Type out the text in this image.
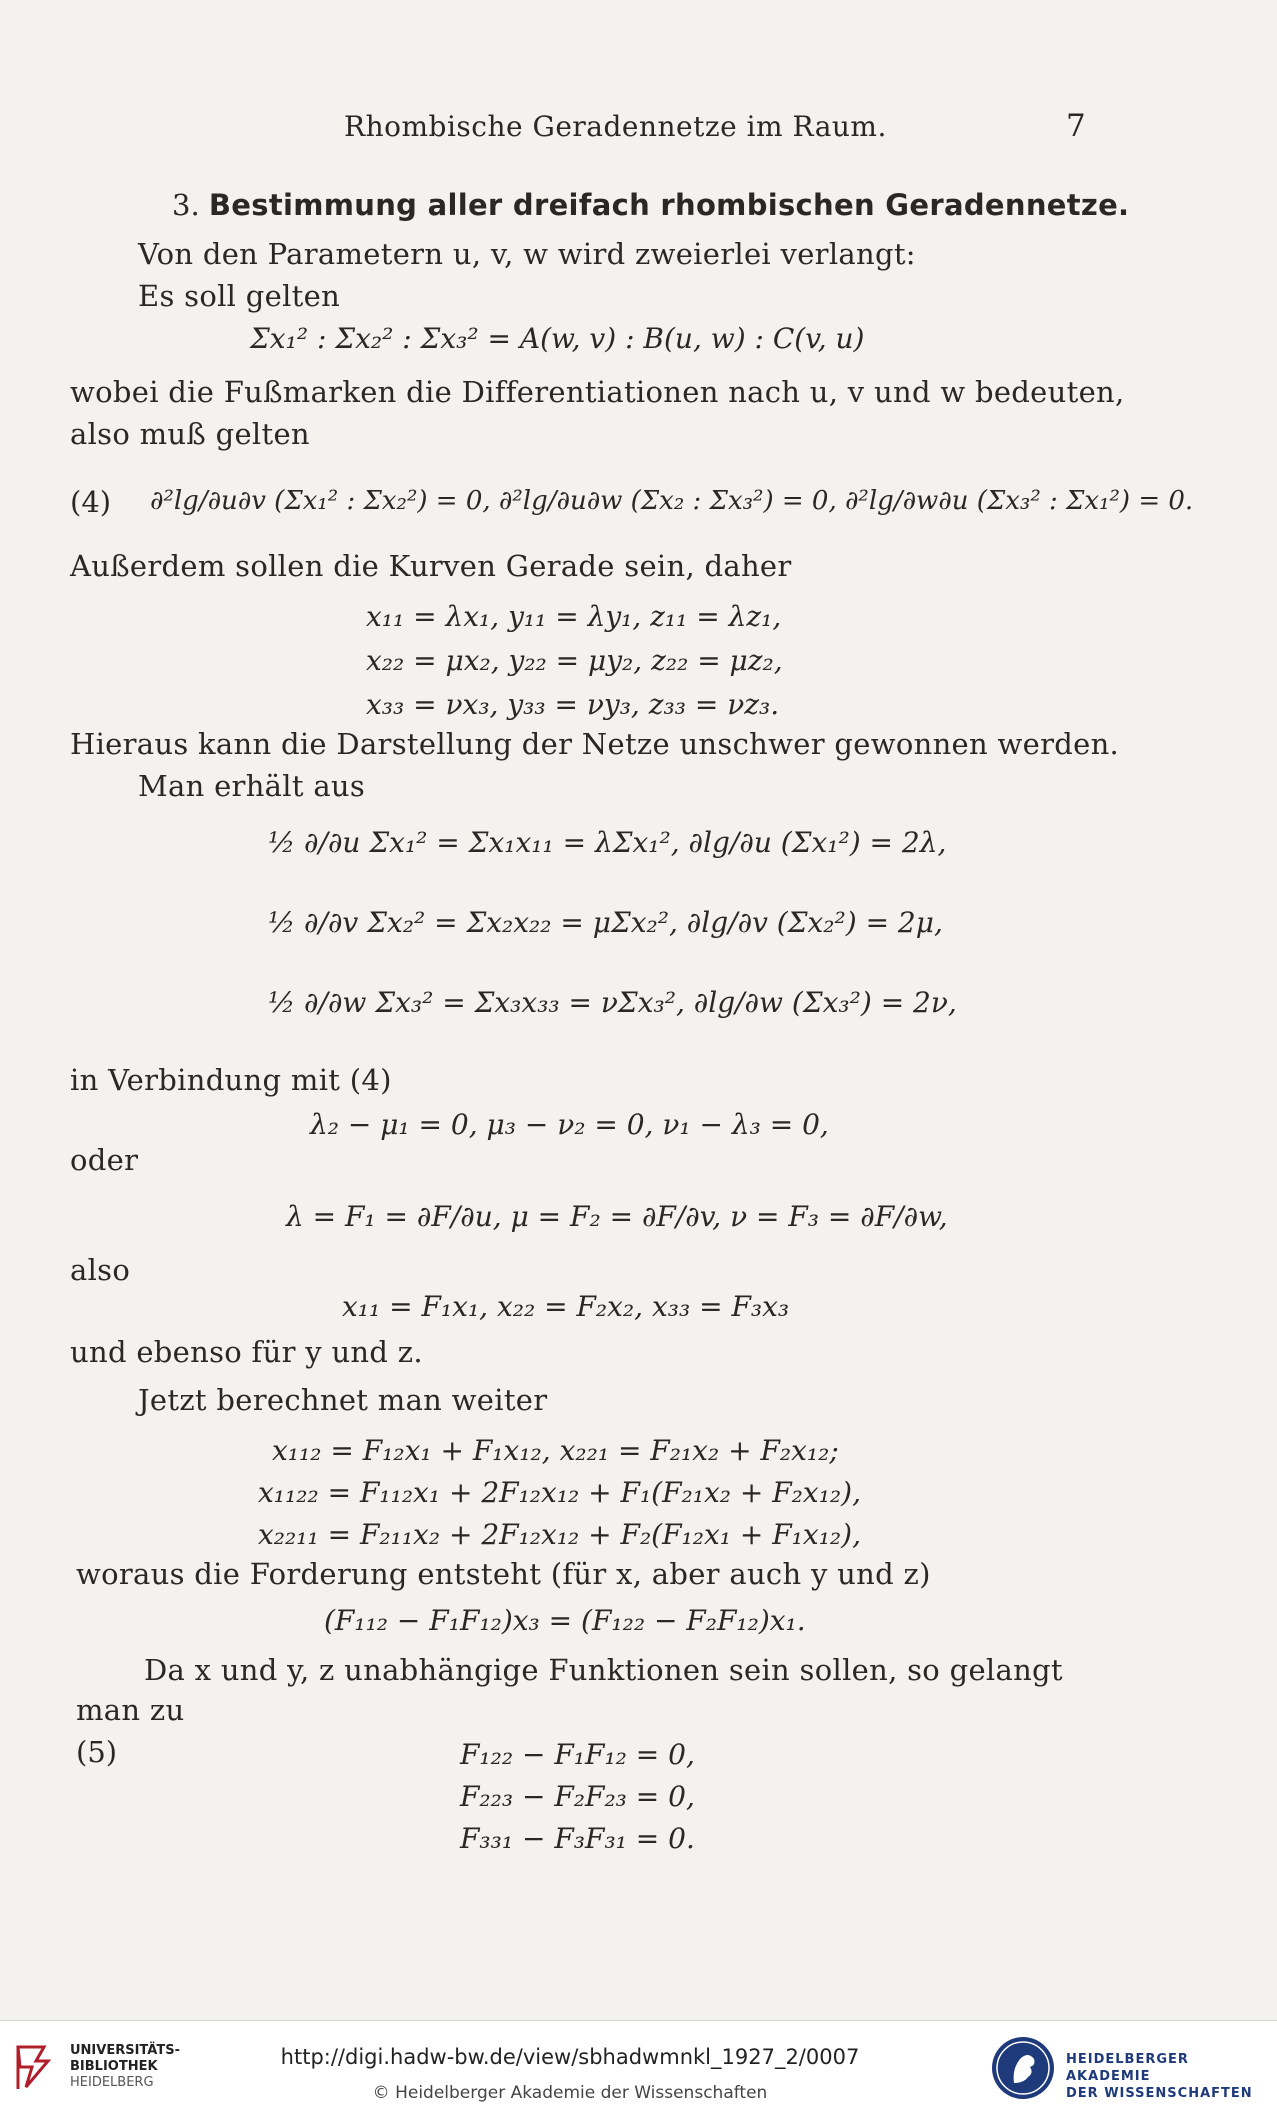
Rhombische Geradennetze im Raum.	7
3. Bestimmung aller dreifach rhombischen Geradennetze.
Von den Parametern u, v, w wird zweierlei verlangt:
Es soll gelten
Σx₁² : Σx₂² : Σx₃² = A(w, v) : B(u, w) : C(v, u)
wobei die Fußmarken die Differentiationen nach u, v und w bedeuten,
also muß gelten
(4) ∂²lg/∂u∂v (Σx₁² : Σx₂²) = 0, ∂²lg/∂u∂w (Σx₂ : Σx₃²) = 0, ∂²lg/∂w∂u (Σx₃² : Σx₁²) = 0.
Außerdem sollen die Kurven Gerade sein, daher
x₁₁ = λx₁, y₁₁ = λy₁, z₁₁ = λz₁,
x₂₂ = μx₂, y₂₂ = μy₂, z₂₂ = μz₂,
x₃₃ = νx₃, y₃₃ = νy₃, z₃₃ = νz₃.
Hieraus kann die Darstellung der Netze unschwer gewonnen werden.
Man erhält aus
½ ∂/∂u Σx₁² = Σx₁x₁₁ = λΣx₁², ∂lg/∂u (Σx₁²) = 2λ,
½ ∂/∂v Σx₂² = Σx₂x₂₂ = μΣx₂², ∂lg/∂v (Σx₂²) = 2μ,
½ ∂/∂w Σx₃² = Σx₃x₃₃ = νΣx₃², ∂lg/∂w (Σx₃²) = 2ν,
in Verbindung mit (4)
λ₂ − μ₁ = 0, μ₃ − ν₂ = 0, ν₁ − λ₃ = 0,
oder
λ = F₁ = ∂F/∂u, μ = F₂ = ∂F/∂v, ν = F₃ = ∂F/∂w,
also
x₁₁ = F₁x₁, x₂₂ = F₂x₂, x₃₃ = F₃x₃
und ebenso für y und z.
Jetzt berechnet man weiter
x₁₁₂ = F₁₂x₁ + F₁x₁₂, x₂₂₁ = F₂₁x₂ + F₂x₁₂;
x₁₁₂₂ = F₁₁₂x₁ + 2F₁₂x₁₂ + F₁(F₂₁x₂ + F₂x₁₂),
x₂₂₁₁ = F₂₁₁x₂ + 2F₁₂x₁₂ + F₂(F₁₂x₁ + F₁x₁₂),
woraus die Forderung entsteht (für x, aber auch y und z)
(F₁₁₂ − F₁F₁₂)x₃ = (F₁₂₂ − F₂F₁₂)x₁.
Da x und y, z unabhängige Funktionen sein sollen, so gelangt
man zu
(5)	F₁₂₂ − F₁F₁₂ = 0,
F₂₂₃ − F₂F₂₃ = 0,
F₃₃₁ − F₃F₃₁ = 0.
UNIVERSITÄTS-
BIBLIOTHEK
HEIDELBERG
http://digi.hadw-bw.de/view/sbhadwmnkl_1927_2/0007
© Heidelberger Akademie der Wissenschaften
HEIDELBERGER AKADEMIE
DER WISSENSCHAFTEN
